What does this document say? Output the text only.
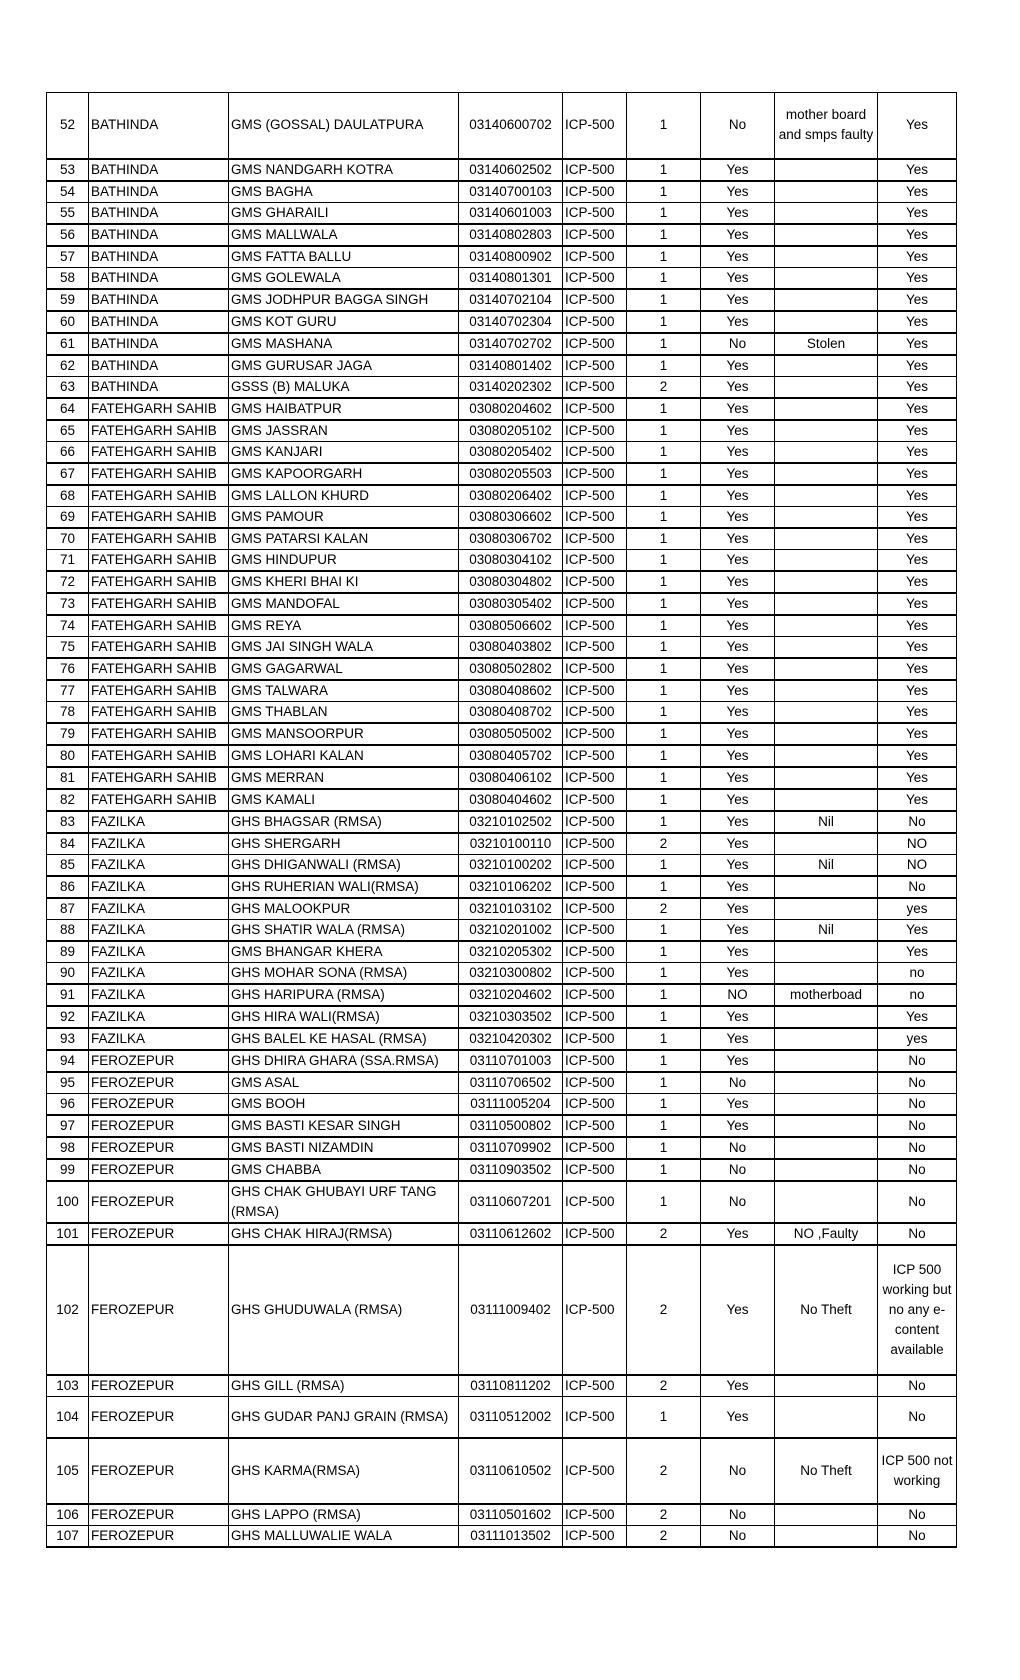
52	BATHINDA	GMS (GOSSAL) DAULATPURA	03140600702	ICP-500	1	No	mother board and smps faulty	Yes
53	BATHINDA	GMS NANDGARH KOTRA	03140602502	ICP-500	1	Yes		Yes
54	BATHINDA	GMS BAGHA	03140700103	ICP-500	1	Yes		Yes
55	BATHINDA	GMS GHARAILI	03140601003	ICP-500	1	Yes		Yes
56	BATHINDA	GMS MALLWALA	03140802803	ICP-500	1	Yes		Yes
57	BATHINDA	GMS FATTA BALLU	03140800902	ICP-500	1	Yes		Yes
58	BATHINDA	GMS GOLEWALA	03140801301	ICP-500	1	Yes		Yes
59	BATHINDA	GMS JODHPUR BAGGA SINGH	03140702104	ICP-500	1	Yes		Yes
60	BATHINDA	GMS KOT GURU	03140702304	ICP-500	1	Yes		Yes
61	BATHINDA	GMS MASHANA	03140702702	ICP-500	1	No	Stolen	Yes
62	BATHINDA	GMS GURUSAR JAGA	03140801402	ICP-500	1	Yes		Yes
63	BATHINDA	GSSS (B) MALUKA	03140202302	ICP-500	2	Yes		Yes
64	FATEHGARH SAHIB	GMS HAIBATPUR	03080204602	ICP-500	1	Yes		Yes
65	FATEHGARH SAHIB	GMS JASSRAN	03080205102	ICP-500	1	Yes		Yes
66	FATEHGARH SAHIB	GMS KANJARI	03080205402	ICP-500	1	Yes		Yes
67	FATEHGARH SAHIB	GMS KAPOORGARH	03080205503	ICP-500	1	Yes		Yes
68	FATEHGARH SAHIB	GMS LALLON KHURD	03080206402	ICP-500	1	Yes		Yes
69	FATEHGARH SAHIB	GMS PAMOUR	03080306602	ICP-500	1	Yes		Yes
70	FATEHGARH SAHIB	GMS PATARSI KALAN	03080306702	ICP-500	1	Yes		Yes
71	FATEHGARH SAHIB	GMS HINDUPUR	03080304102	ICP-500	1	Yes		Yes
72	FATEHGARH SAHIB	GMS KHERI BHAI KI	03080304802	ICP-500	1	Yes		Yes
73	FATEHGARH SAHIB	GMS MANDOFAL	03080305402	ICP-500	1	Yes		Yes
74	FATEHGARH SAHIB	GMS REYA	03080506602	ICP-500	1	Yes		Yes
75	FATEHGARH SAHIB	GMS JAI SINGH WALA	03080403802	ICP-500	1	Yes		Yes
76	FATEHGARH SAHIB	GMS GAGARWAL	03080502802	ICP-500	1	Yes		Yes
77	FATEHGARH SAHIB	GMS TALWARA	03080408602	ICP-500	1	Yes		Yes
78	FATEHGARH SAHIB	GMS THABLAN	03080408702	ICP-500	1	Yes		Yes
79	FATEHGARH SAHIB	GMS MANSOORPUR	03080505002	ICP-500	1	Yes		Yes
80	FATEHGARH SAHIB	GMS LOHARI KALAN	03080405702	ICP-500	1	Yes		Yes
81	FATEHGARH SAHIB	GMS MERRAN	03080406102	ICP-500	1	Yes		Yes
82	FATEHGARH SAHIB	GMS KAMALI	03080404602	ICP-500	1	Yes		Yes
83	FAZILKA	GHS BHAGSAR (RMSA)	03210102502	ICP-500	1	Yes	Nil	No
84	FAZILKA	GHS SHERGARH	03210100110	ICP-500	2	Yes		NO
85	FAZILKA	GHS DHIGANWALI (RMSA)	03210100202	ICP-500	1	Yes	Nil	NO
86	FAZILKA	GHS RUHERIAN WALI(RMSA)	03210106202	ICP-500	1	Yes		No
87	FAZILKA	GHS MALOOKPUR	03210103102	ICP-500	2	Yes		yes
88	FAZILKA	GHS SHATIR WALA (RMSA)	03210201002	ICP-500	1	Yes	Nil	Yes
89	FAZILKA	GMS BHANGAR KHERA	03210205302	ICP-500	1	Yes		Yes
90	FAZILKA	GHS MOHAR SONA (RMSA)	03210300802	ICP-500	1	Yes		no
91	FAZILKA	GHS HARIPURA (RMSA)	03210204602	ICP-500	1	NO	motherboad	no
92	FAZILKA	GHS HIRA WALI(RMSA)	03210303502	ICP-500	1	Yes		Yes
93	FAZILKA	GHS BALEL KE HASAL (RMSA)	03210420302	ICP-500	1	Yes		yes
94	FEROZEPUR	GHS DHIRA GHARA (SSA.RMSA)	03110701003	ICP-500	1	Yes		No
95	FEROZEPUR	GMS ASAL	03110706502	ICP-500	1	No		No
96	FEROZEPUR	GMS BOOH	03111005204	ICP-500	1	Yes		No
97	FEROZEPUR	GMS BASTI KESAR SINGH	03110500802	ICP-500	1	Yes		No
98	FEROZEPUR	GMS BASTI NIZAMDIN	03110709902	ICP-500	1	No		No
99	FEROZEPUR	GMS CHABBA	03110903502	ICP-500	1	No		No
100	FEROZEPUR	GHS CHAK GHUBAYI URF TANG (RMSA)	03110607201	ICP-500	1	No		No
101	FEROZEPUR	GHS CHAK HIRAJ(RMSA)	03110612602	ICP-500	2	Yes	NO ,Faulty	No
102	FEROZEPUR	GHS GHUDUWALA (RMSA)	03111009402	ICP-500	2	Yes	No Theft	ICP 500 working but no any e-content available
103	FEROZEPUR	GHS GILL (RMSA)	03110811202	ICP-500	2	Yes		No
104	FEROZEPUR	GHS GUDAR PANJ GRAIN (RMSA)	03110512002	ICP-500	1	Yes		No
105	FEROZEPUR	GHS KARMA(RMSA)	03110610502	ICP-500	2	No	No Theft	ICP 500 not working
106	FEROZEPUR	GHS LAPPO (RMSA)	03110501602	ICP-500	2	No		No
107	FEROZEPUR	GHS MALLUWALIE WALA	03111013502	ICP-500	2	No		No
